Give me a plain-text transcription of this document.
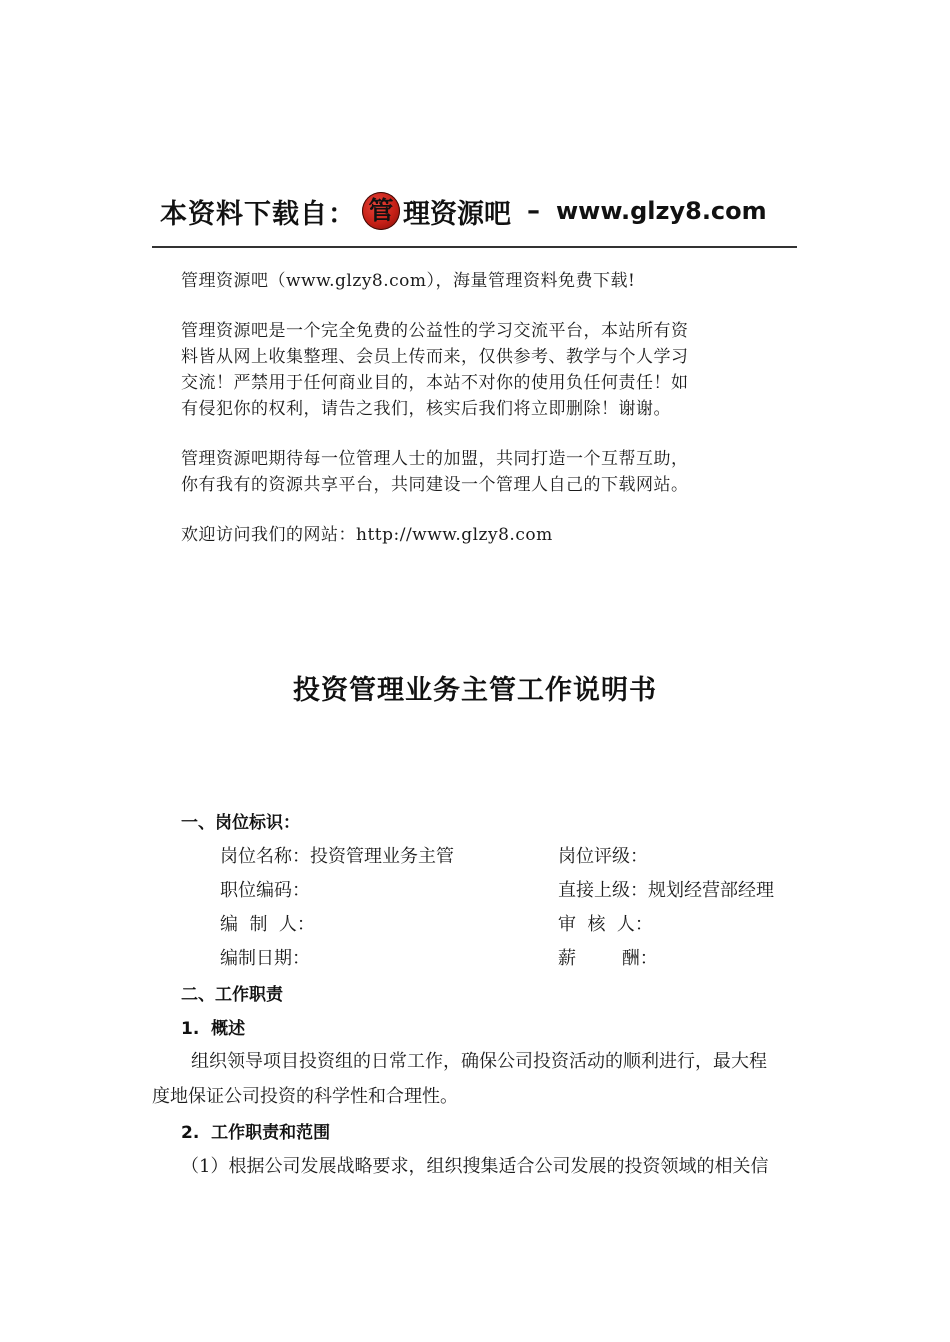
本资料下载自： 管 理资源吧 – www.glzy8.com
管理资源吧（www.glzy8.com），海量管理资料免费下载!
管理资源吧是一个完全免费的公益性的学习交流平台，本站所有资
料皆从网上收集整理、会员上传而来，仅供参考、教学与个人学习
交流！严禁用于任何商业目的，本站不对你的使用负任何责任！如
有侵犯你的权利，请告之我们，核实后我们将立即删除！谢谢。
管理资源吧期待每一位管理人士的加盟，共同打造一个互帮互助，
你有我有的资源共享平台，共同建设一个管理人自己的下载网站。
欢迎访问我们的网站：http://www.glzy8.com
投资管理业务主管工作说明书
一、岗位标识：
岗位名称：投资管理业务主管	岗位评级：
职位编码：	直接上级：规划经营部经理
编  制  人：	审  核  人：
编制日期：	薪        酬：
二、工作职责
1.  概述
组织领导项目投资组的日常工作，确保公司投资活动的顺利进行，最大程
度地保证公司投资的科学性和合理性。
2.  工作职责和范围
（1）根据公司发展战略要求，组织搜集适合公司发展的投资领域的相关信
